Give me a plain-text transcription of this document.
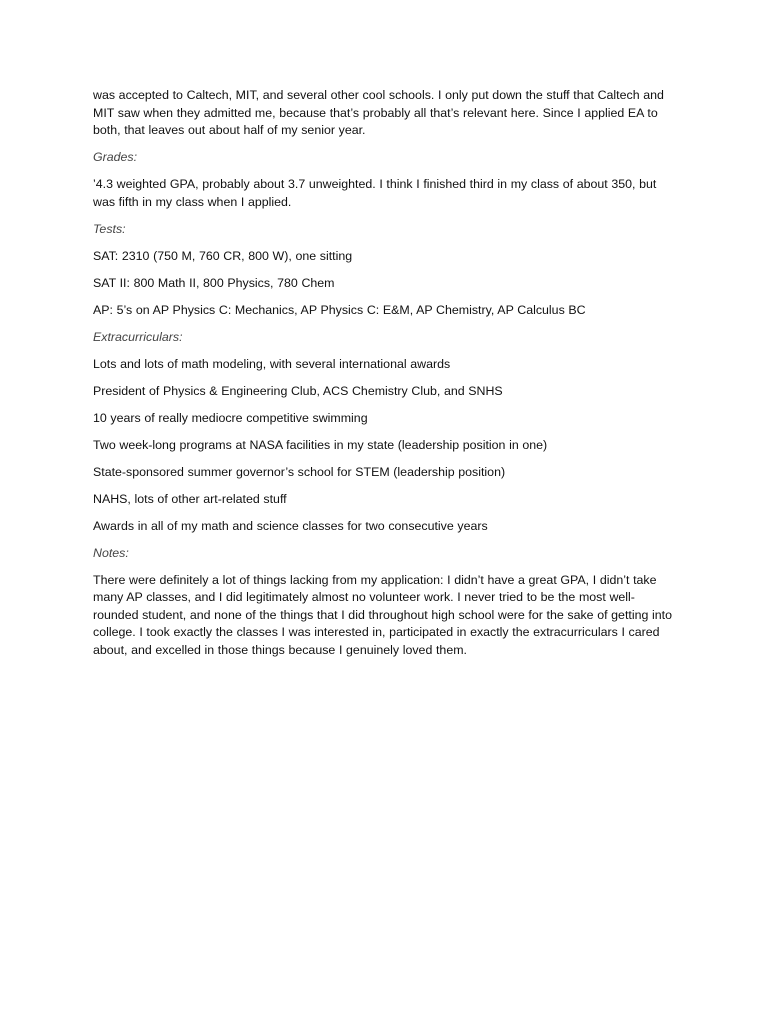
was accepted to Caltech, MIT, and several other cool schools. I only put down the stuff that Caltech and MIT saw when they admitted me, because that’s probably all that’s relevant here. Since I applied EA to both, that leaves out about half of my senior year.

Grades:

’4.3 weighted GPA, probably about 3.7 unweighted. I think I finished third in my class of about 350, but was fifth in my class when I applied.

Tests:

SAT: 2310 (750 M, 760 CR, 800 W), one sitting

SAT II: 800 Math II, 800 Physics, 780 Chem

AP: 5’s on AP Physics C: Mechanics, AP Physics C: E&M, AP Chemistry, AP Calculus BC

Extracurriculars:

Lots and lots of math modeling, with several international awards

President of Physics & Engineering Club, ACS Chemistry Club, and SNHS

10 years of really mediocre competitive swimming

Two week-long programs at NASA facilities in my state (leadership position in one)

State-sponsored summer governor’s school for STEM (leadership position)

NAHS, lots of other art-related stuff

Awards in all of my math and science classes for two consecutive years

Notes:

There were definitely a lot of things lacking from my application: I didn’t have a great GPA, I didn’t take many AP classes, and I did legitimately almost no volunteer work. I never tried to be the most well-rounded student, and none of the things that I did throughout high school were for the sake of getting into college. I took exactly the classes I was interested in, participated in exactly the extracurriculars I cared about, and excelled in those things because I genuinely loved them.
